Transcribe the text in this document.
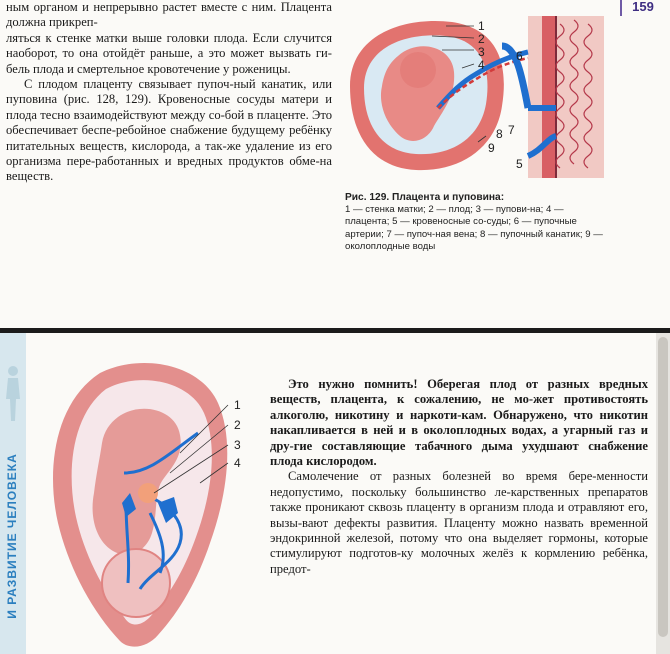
ным органом и непрерывно растет вместе с ним. Плацента должна прикреп-

ляться к стенке матки выше головки плода. Если случится наоборот, то она отойдёт раньше, а это может вызвать ги-бель плода и смертельное кровотечение у роженицы.

С плодом плаценту связывает пупоч-ный канатик, или пуповина (рис. 128, 129). Кровеносные сосуды матери и плода тесно взаимодействуют между со-бой в плаценте. Это обеспечивает беспе-ребойное снабжение будущему ребёнку питательных веществ, кислорода, а так-же удаление из его организма пере-работанных и вредных продуктов обме-на веществ.

159
1
2
3
4
5
6
7
8
9
Рис. 129. Плацента и пуповина:
1 — стенка матки; 2 — плод; 3 — пупови-на; 4 — плацента; 5 — кровеносные со-суды; 6 — пупочные артерии; 7 — пупоч-ная вена; 8 — пупочный канатик; 9 — околоплодные воды
И РАЗВИТИЕ ЧЕЛОВЕКА
1
2
3
4

Это нужно помнить! Оберегая плод от разных вредных веществ, плацента, к сожалению, не мо-жет противостоять алкоголю, никотину и наркоти-кам. Обнаружено, что никотин накапливается в ней и в околоплодных водах, а угарный газ и дру-гие составляющие табачного дыма ухудшают снабжение плода кислородом.

Самолечение от разных болезней во время бере-менности недопустимо, поскольку большинство ле-карственных препаратов также проникают сквозь плаценту в организм плода и отравляют его, вызы-вают дефекты развития. Плаценту можно назвать временной эндокринной железой, потому что она выделяет гормоны, которые стимулируют подготов-ку молочных желёз к кормлению ребёнка, предот-
